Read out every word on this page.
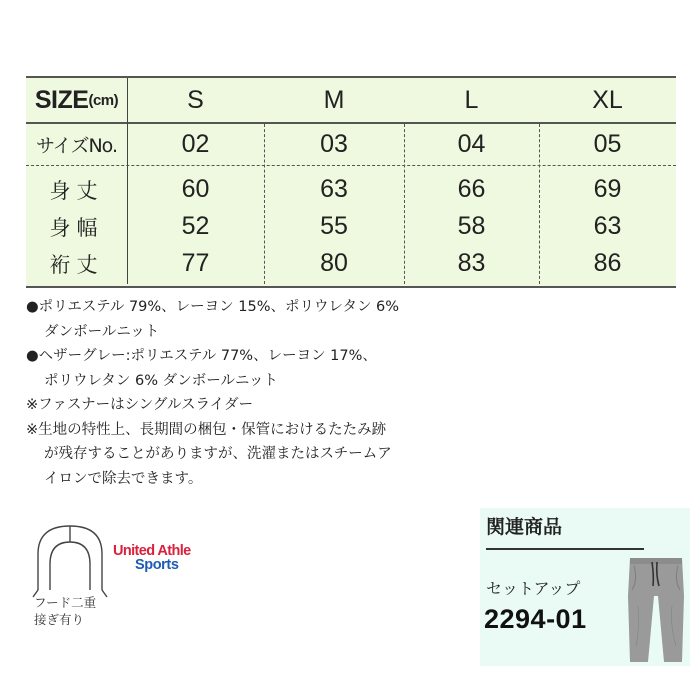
SIZE (cm)	S	M	L	XL
サイズNo.	02	03	04	05
身丈	60	63	66	69
身幅	52	55	58	63
裄丈	77	80	83	86

●ポリエステル 79%、レーヨン 15%、ポリウレタン 6%
ダンボールニット

●ヘザーグレー:ポリエステル 77%、レーヨン 17%、
ポリウレタン 6% ダンボールニット

※ファスナーはシングルスライダー

※生地の特性上、長期間の梱包・保管におけるたたみ跡
が残存することがありますが、洗濯またはスチームア
イロンで除去できます。

フード二重
接ぎ有り
United Athle
Sports
関連商品
セットアップ
2294-01
